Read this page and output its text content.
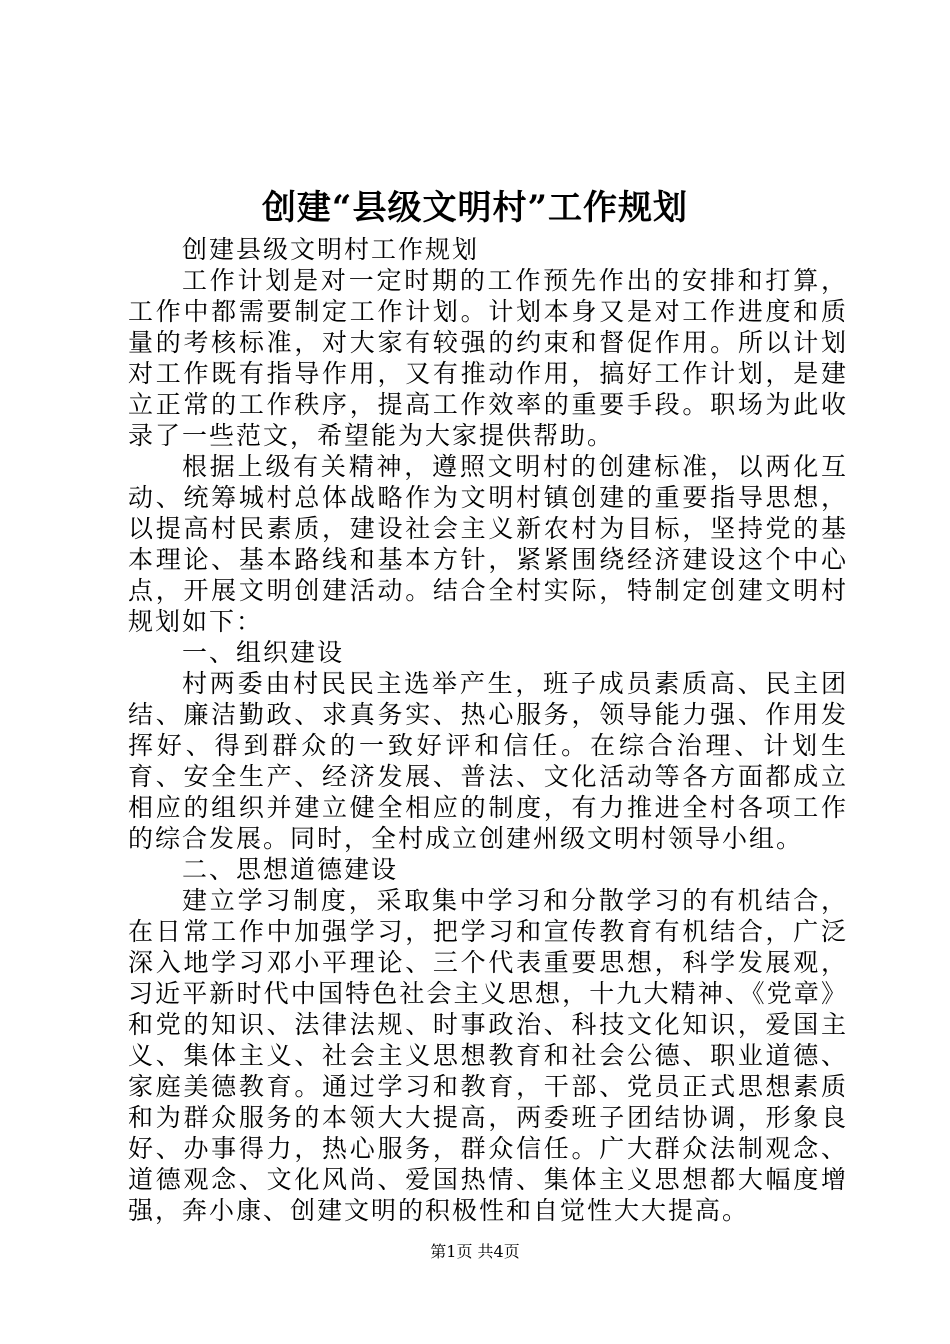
创建“县级文明村”工作规划

创建县级文明村工作规划

工作计划是对一定时期的工作预先作出的安排和打算，工作中都需要制定工作计划。计划本身又是对工作进度和质量的考核标准，对大家有较强的约束和督促作用。所以计划对工作既有指导作用，又有推动作用，搞好工作计划，是建立正常的工作秩序，提高工作效率的重要手段。职场为此收录了一些范文，希望能为大家提供帮助。

根据上级有关精神，遵照文明村的创建标准，以两化互动、统筹城村总体战略作为文明村镇创建的重要指导思想，以提高村民素质，建设社会主义新农村为目标，坚持党的基本理论、基本路线和基本方针，紧紧围绕经济建设这个中心点，开展文明创建活动。结合全村实际，特制定创建文明村规划如下：

一、组织建设

村两委由村民民主选举产生，班子成员素质高、民主团结、廉洁勤政、求真务实、热心服务，领导能力强、作用发挥好、得到群众的一致好评和信任。在综合治理、计划生育、安全生产、经济发展、普法、文化活动等各方面都成立相应的组织并建立健全相应的制度，有力推进全村各项工作的综合发展。同时，全村成立创建州级文明村领导小组。

二、思想道德建设

建立学习制度，采取集中学习和分散学习的有机结合，在日常工作中加强学习，把学习和宣传教育有机结合，广泛深入地学习邓小平理论、三个代表重要思想，科学发展观，习近平新时代中国特色社会主义思想，十九大精神、《党章》和党的知识、法律法规、时事政治、科技文化知识，爱国主义、集体主义、社会主义思想教育和社会公德、职业道德、家庭美德教育。通过学习和教育，干部、党员正式思想素质和为群众服务的本领大大提高，两委班子团结协调，形象良好、办事得力，热心服务，群众信任。广大群众法制观念、道德观念、文化风尚、爱国热情、集体主义思想都大幅度增强，奔小康、创建文明的积极性和自觉性大大提高。

第1页 共4页
